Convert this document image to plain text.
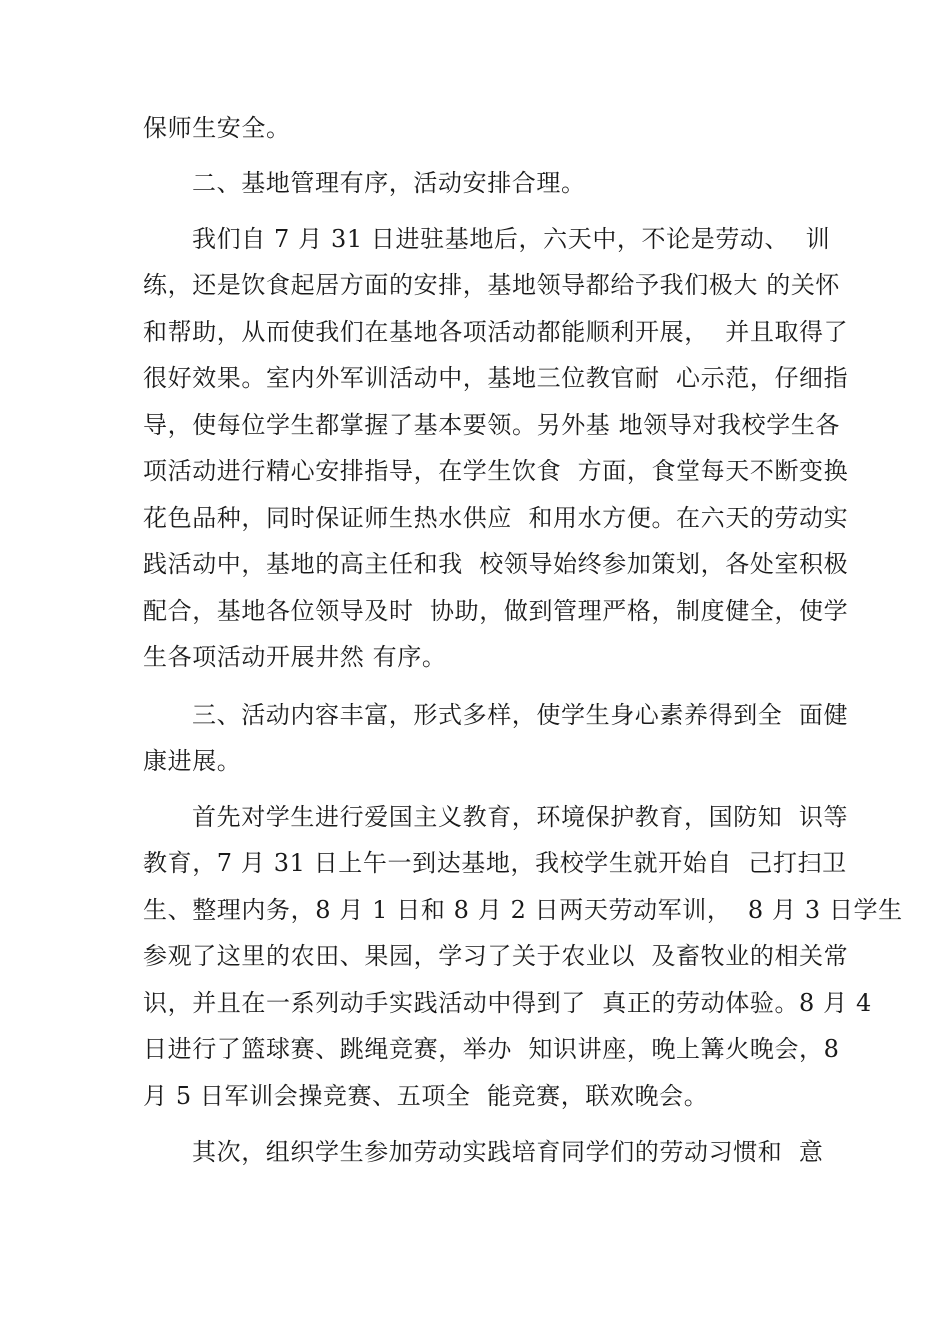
保师生安全。
二、基地管理有序，活动安排合理。
我们自 7 月 31 日进驻基地后，六天中，不论是劳动、  训
练，还是饮食起居方面的安排，基地领导都给予我们极大 的关怀
和帮助，从而使我们在基地各项活动都能顺利开展，  并且取得了
很好效果。室内外军训活动中，基地三位教官耐  心示范，仔细指
导，使每位学生都掌握了基本要领。另外基 地领导对我校学生各
项活动进行精心安排指导，在学生饮食  方面，食堂每天不断变换
花色品种，同时保证师生热水供应  和用水方便。在六天的劳动实
践活动中，基地的高主任和我  校领导始终参加策划，各处室积极
配合，基地各位领导及时  协助，做到管理严格，制度健全，使学
生各项活动开展井然 有序。
三、活动内容丰富，形式多样，使学生身心素养得到全  面健
康进展。
首先对学生进行爱国主义教育，环境保护教育，国防知  识等
教育，7 月 31 日上午一到达基地，我校学生就开始自  己打扫卫
生、整理内务，8 月 1 日和 8 月 2 日两天劳动军训，  8 月 3 日学生
参观了这里的农田、果园，学习了关于农业以  及畜牧业的相关常
识，并且在一系列动手实践活动中得到了  真正的劳动体验。8 月 4
日进行了篮球赛、跳绳竞赛，举办  知识讲座，晚上篝火晚会，8
月 5 日军训会操竞赛、五项全  能竞赛，联欢晚会。
其次，组织学生参加劳动实践培育同学们的劳动习惯和  意
